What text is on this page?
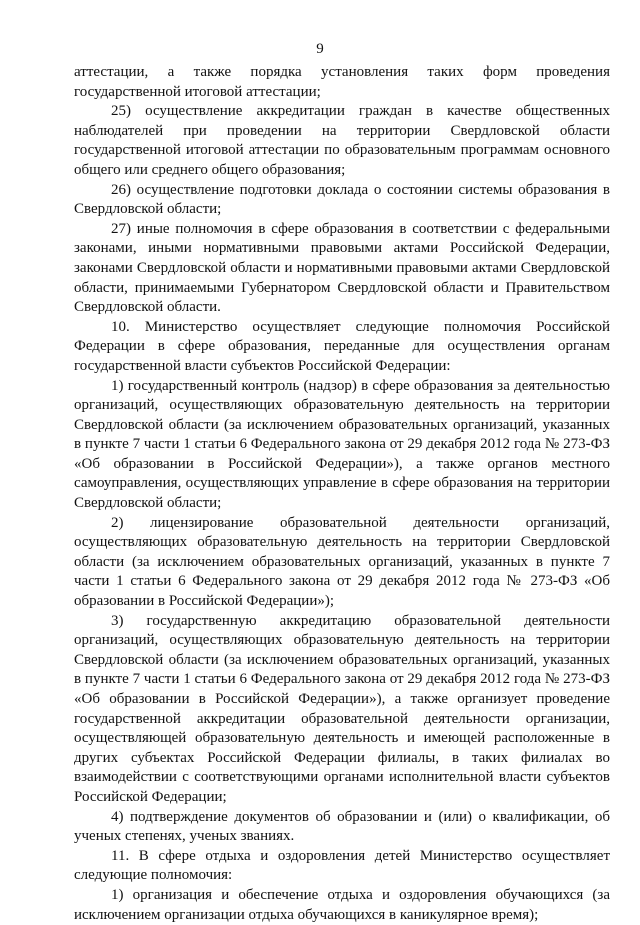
9

аттестации, а также порядка установления таких форм проведения государственной итоговой аттестации;

25) осуществление аккредитации граждан в качестве общественных наблюдателей при проведении на территории Свердловской области государственной итоговой аттестации по образовательным программам основного общего или среднего общего образования;

26) осуществление подготовки доклада о состоянии системы образования в Свердловской области;

27) иные полномочия в сфере образования в соответствии с федеральными законами, иными нормативными правовыми актами Российской Федерации, законами Свердловской области и нормативными правовыми актами Свердловской области, принимаемыми Губернатором Свердловской области и Правительством Свердловской области.

10. Министерство осуществляет следующие полномочия Российской Федерации в сфере образования, переданные для осуществления органам государственной власти субъектов Российской Федерации:

1) государственный контроль (надзор) в сфере образования за деятельностью организаций, осуществляющих образовательную деятельность на территории Свердловской области (за исключением образовательных организаций, указанных в пункте 7 части 1 статьи 6 Федерального закона от 29 декабря 2012 года № 273-ФЗ «Об образовании в Российской Федерации»), а также органов местного самоуправления, осуществляющих управление в сфере образования на территории Свердловской области;

2) лицензирование образовательной деятельности организаций, осуществляющих образовательную деятельность на территории Свердловской области (за исключением образовательных организаций, указанных в пункте 7 части 1 статьи 6 Федерального закона от 29 декабря 2012 года № 273-ФЗ «Об образовании в Российской Федерации»);

3) государственную аккредитацию образовательной деятельности организаций, осуществляющих образовательную деятельность на территории Свердловской области (за исключением образовательных организаций, указанных в пункте 7 части 1 статьи 6 Федерального закона от 29 декабря 2012 года № 273-ФЗ «Об образовании в Российской Федерации»), а также организует проведение государственной аккредитации образовательной деятельности организации, осуществляющей образовательную деятельность и имеющей расположенные в других субъектах Российской Федерации филиалы, в таких филиалах во взаимодействии с соответствующими органами исполнительной власти субъектов Российской Федерации;

4) подтверждение документов об образовании и (или) о квалификации, об ученых степенях, ученых званиях.

11. В сфере отдыха и оздоровления детей Министерство осуществляет следующие полномочия:

1) организация и обеспечение отдыха и оздоровления обучающихся (за исключением организации отдыха обучающихся в каникулярное время);
